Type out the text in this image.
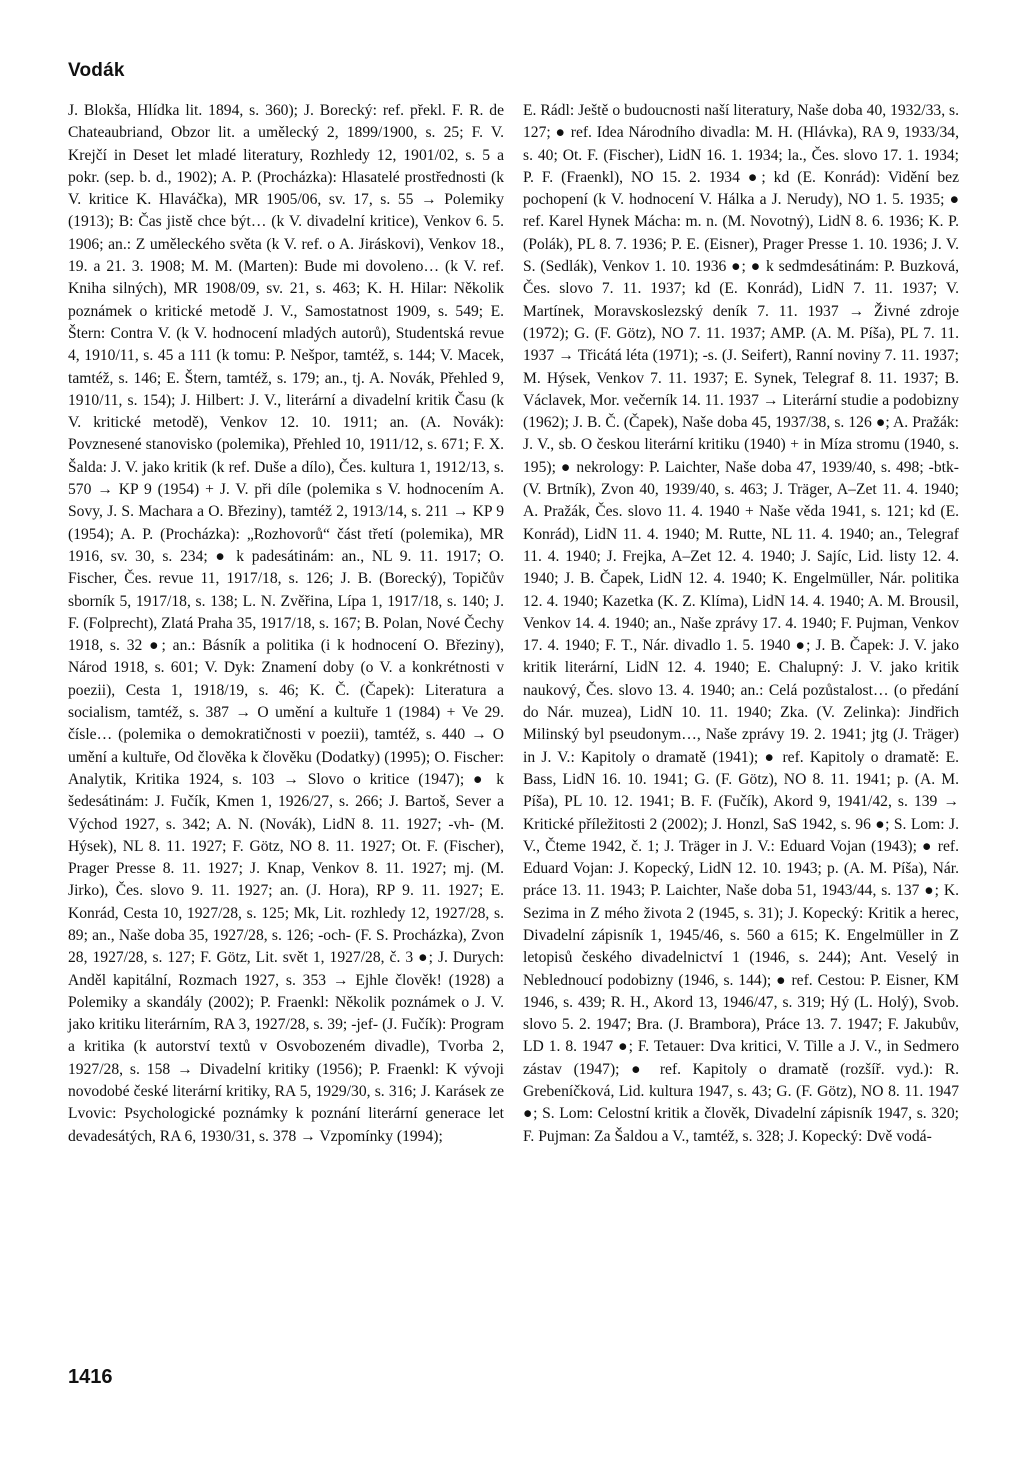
Vodák

J. Blokša, Hlídka lit. 1894, s. 360); J. Borecký: ref. překl. F. R. de Chateaubriand, Obzor lit. a umělecký 2, 1899/1900, s. 25; F. V. Krejčí in Deset let mladé literatury, Rozhledy 12, 1901/02, s. 5 a pokr. (sep. b. d., 1902); A. P. (Procházka): Hlasatelé prostřednosti (k V. kritice K. Hlaváčka), MR 1905/06, sv. 17, s. 55 → Polemiky (1913); B: Čas jistě chce být… (k V. divadelní kritice), Venkov 6. 5. 1906; an.: Z uměleckého světa (k V. ref. o A. Jiráskovi), Venkov 18., 19. a 21. 3. 1908; M. M. (Marten): Bude mi dovoleno… (k V. ref. Kniha silných), MR 1908/09, sv. 21, s. 463; K. H. Hilar: Několik poznámek o kritické metodě J. V., Samostatnost 1909, s. 549; E. Štern: Contra V. (k V. hodnocení mladých autorů), Studentská revue 4, 1910/11, s. 45 a 111 (k tomu: P. Nešpor, tamtéž, s. 144; V. Macek, tamtéž, s. 146; E. Štern, tamtéž, s. 179; an., tj. A. Novák, Přehled 9, 1910/11, s. 154); J. Hilbert: J. V., literární a divadelní kritik Času (k V. kritické metodě), Venkov 12. 10. 1911; an. (A. Novák): Povznesené stanovisko (polemika), Přehled 10, 1911/12, s. 671; F. X. Šalda: J. V. jako kritik (k ref. Duše a dílo), Čes. kultura 1, 1912/13, s. 570 → KP 9 (1954) + J. V. při díle (polemika s V. hodnocením A. Sovy, J. S. Machara a O. Březiny), tamtéž 2, 1913/14, s. 211 → KP 9 (1954); A. P. (Procházka): „Rozhovorů“ část třetí (polemika), MR 1916, sv. 30, s. 234; ● k padesátinám: an., NL 9. 11. 1917; O. Fischer, Čes. revue 11, 1917/18, s. 126; J. B. (Borecký), Topičův sborník 5, 1917/18, s. 138; L. N. Zvěřina, Lípa 1, 1917/18, s. 140; J. F. (Folprecht), Zlatá Praha 35, 1917/18, s. 167; B. Polan, Nové Čechy 1918, s. 32 ●; an.: Básník a politika (i k hodnocení O. Březiny), Národ 1918, s. 601; V. Dyk: Znamení doby (o V. a konkrétnosti v poezii), Cesta 1, 1918/19, s. 46; K. Č. (Čapek): Literatura a socialism, tamtéž, s. 387 → O umění a kultuře 1 (1984) + Ve 29. čísle… (polemika o demokratičnosti v poezii), tamtéž, s. 440 → O umění a kultuře, Od člověka k člověku (Dodatky) (1995); O. Fischer: Analytik, Kritika 1924, s. 103 → Slovo o kritice (1947); ● k šedesátinám: J. Fučík, Kmen 1, 1926/27, s. 266; J. Bartoš, Sever a Východ 1927, s. 342; A. N. (Novák), LidN 8. 11. 1927; -vh- (M. Hýsek), NL 8. 11. 1927; F. Götz, NO 8. 11. 1927; Ot. F. (Fischer), Prager Presse 8. 11. 1927; J. Knap, Venkov 8. 11. 1927; mj. (M. Jirko), Čes. slovo 9. 11. 1927; an. (J. Hora), RP 9. 11. 1927; E. Konrád, Cesta 10, 1927/28, s. 125; Mk, Lit. rozhledy 12, 1927/28, s. 89; an., Naše doba 35, 1927/28, s. 126; -och- (F. S. Procházka), Zvon 28, 1927/28, s. 127; F. Götz, Lit. svět 1, 1927/28, č. 3 ●; J. Durych: Anděl kapitální, Rozmach 1927, s. 353 → Ejhle člověk! (1928) a Polemiky a skandály (2002); P. Fraenkl: Několik poznámek o J. V. jako kritiku literárním, RA 3, 1927/28, s. 39; -jef- (J. Fučík): Program a kritika (k autorství textů v Osvobozeném divadle), Tvorba 2, 1927/28, s. 158 → Divadelní kritiky (1956); P. Fraenkl: K vývoji novodobé české literární kritiky, RA 5, 1929/30, s. 316; J. Karásek ze Lvovic: Psychologické poznámky k poznání literární generace let devadesátých, RA 6, 1930/31, s. 378 → Vzpomínky (1994);

E. Rádl: Ještě o budoucnosti naší literatury, Naše doba 40, 1932/33, s. 127; ● ref. Idea Národního divadla: M. H. (Hlávka), RA 9, 1933/34, s. 40; Ot. F. (Fischer), LidN 16. 1. 1934; la., Čes. slovo 17. 1. 1934; P. F. (Fraenkl), NO 15. 2. 1934 ●; kd (E. Konrád): Vidění bez pochopení (k V. hodnocení V. Hálka a J. Nerudy), NO 1. 5. 1935; ● ref. Karel Hynek Mácha: m. n. (M. Novotný), LidN 8. 6. 1936; K. P. (Polák), PL 8. 7. 1936; P. E. (Eisner), Prager Presse 1. 10. 1936; J. V. S. (Sedlák), Venkov 1. 10. 1936 ●; ● k sedmdesátinám: P. Buzková, Čes. slovo 7. 11. 1937; kd (E. Konrád), LidN 7. 11. 1937; V. Martínek, Moravskoslezský deník 7. 11. 1937 → Živné zdroje (1972); G. (F. Götz), NO 7. 11. 1937; AMP. (A. M. Píša), PL 7. 11. 1937 → Třicátá léta (1971); -s. (J. Seifert), Ranní noviny 7. 11. 1937; M. Hýsek, Venkov 7. 11. 1937; E. Synek, Telegraf 8. 11. 1937; B. Václavek, Mor. večerník 14. 11. 1937 → Literární studie a podobizny (1962); J. B. Č. (Čapek), Naše doba 45, 1937/38, s. 126 ●; A. Pražák: J. V., sb. O českou literární kritiku (1940) + in Míza stromu (1940, s. 195); ● nekrology: P. Laichter, Naše doba 47, 1939/40, s. 498; -btk- (V. Brtník), Zvon 40, 1939/40, s. 463; J. Träger, A–Zet 11. 4. 1940; A. Pražák, Čes. slovo 11. 4. 1940 + Naše věda 1941, s. 121; kd (E. Konrád), LidN 11. 4. 1940; M. Rutte, NL 11. 4. 1940; an., Telegraf 11. 4. 1940; J. Frejka, A–Zet 12. 4. 1940; J. Sajíc, Lid. listy 12. 4. 1940; J. B. Čapek, LidN 12. 4. 1940; K. Engelmüller, Nár. politika 12. 4. 1940; Kazetka (K. Z. Klíma), LidN 14. 4. 1940; A. M. Brousil, Venkov 14. 4. 1940; an., Naše zprávy 17. 4. 1940; F. Pujman, Venkov 17. 4. 1940; F. T., Nár. divadlo 1. 5. 1940 ●; J. B. Čapek: J. V. jako kritik literární, LidN 12. 4. 1940; E. Chalupný: J. V. jako kritik naukový, Čes. slovo 13. 4. 1940; an.: Celá pozůstalost… (o předání do Nár. muzea), LidN 10. 11. 1940; Zka. (V. Zelinka): Jindřich Milinský byl pseudonym…, Naše zprávy 19. 2. 1941; jtg (J. Träger) in J. V.: Kapitoly o dramatě (1941); ● ref. Kapitoly o dramatě: E. Bass, LidN 16. 10. 1941; G. (F. Götz), NO 8. 11. 1941; p. (A. M. Píša), PL 10. 12. 1941; B. F. (Fučík), Akord 9, 1941/42, s. 139 → Kritické příležitosti 2 (2002); J. Honzl, SaS 1942, s. 96 ●; S. Lom: J. V., Čteme 1942, č. 1; J. Träger in J. V.: Eduard Vojan (1943); ● ref. Eduard Vojan: J. Kopecký, LidN 12. 10. 1943; p. (A. M. Píša), Nár. práce 13. 11. 1943; P. Laichter, Naše doba 51, 1943/44, s. 137 ●; K. Sezima in Z mého života 2 (1945, s. 31); J. Kopecký: Kritik a herec, Divadelní zápisník 1, 1945/46, s. 560 a 615; K. Engelmüller in Z letopisů českého divadelnictví 1 (1946, s. 244); Ant. Veselý in Neblednoucí podobizny (1946, s. 144); ● ref. Cestou: P. Eisner, KM 1946, s. 439; R. H., Akord 13, 1946/47, s. 319; Hý (L. Holý), Svob. slovo 5. 2. 1947; Bra. (J. Brambora), Práce 13. 7. 1947; F. Jakubův, LD 1. 8. 1947 ●; F. Tetauer: Dva kritici, V. Tille a J. V., in Sedmero zástav (1947); ● ref. Kapitoly o dramatě (rozšíř. vyd.): R. Grebeníčková, Lid. kultura 1947, s. 43; G. (F. Götz), NO 8. 11. 1947 ●; S. Lom: Celostní kritik a člověk, Divadelní zápisník 1947, s. 320; F. Pujman: Za Šaldou a V., tamtéž, s. 328; J. Kopecký: Dvě vodá-

1416
